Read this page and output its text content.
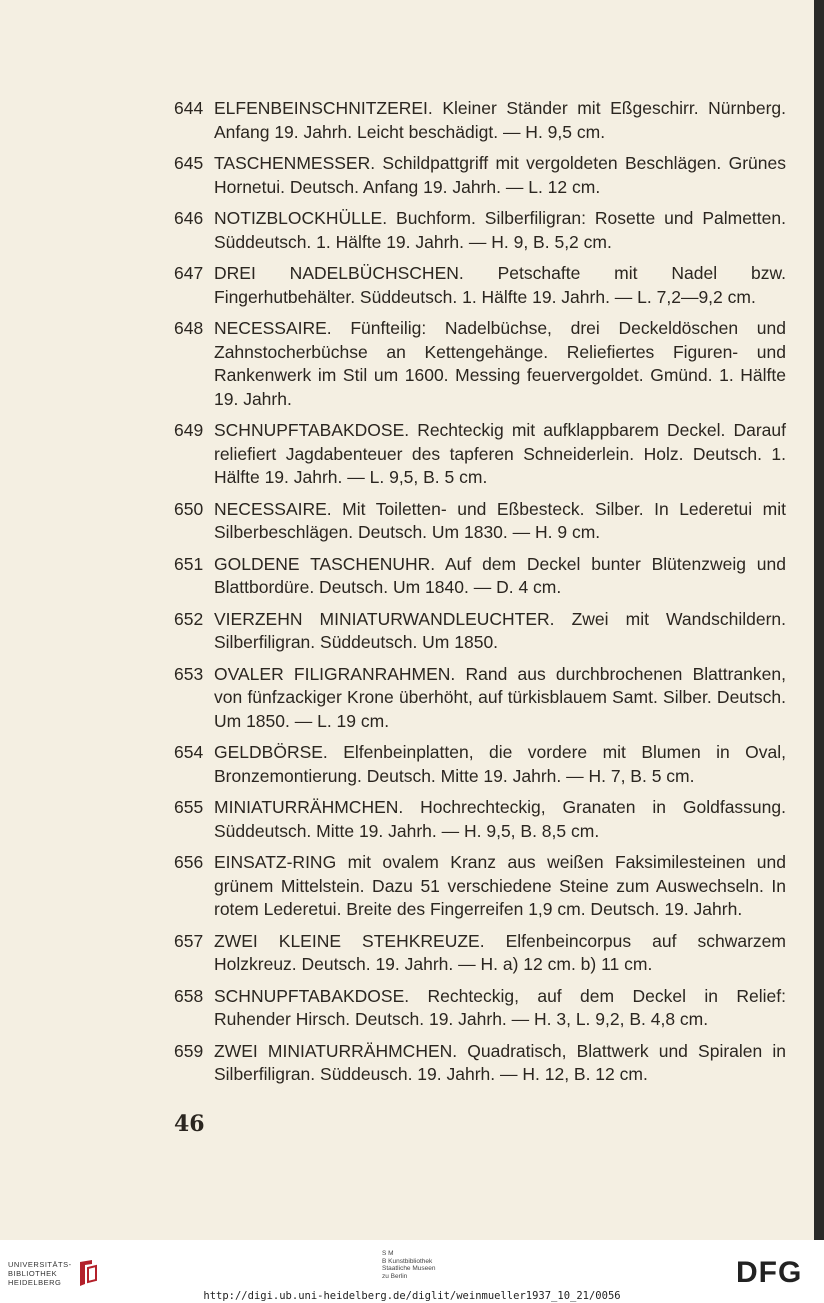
644 ELFENBEINSCHNITZEREI. Kleiner Ständer mit Eßgeschirr. Nürnberg. Anfang 19. Jahrh. Leicht beschädigt. — H. 9,5 cm.
645 TASCHENMESSER. Schildpattgriff mit vergoldeten Beschlägen. Grünes Hornetui. Deutsch. Anfang 19. Jahrh. — L. 12 cm.
646 NOTIZBLOCKHÜLLE. Buchform. Silberfiligran: Rosette und Palmetten. Süddeutsch. 1. Hälfte 19. Jahrh. — H. 9, B. 5,2 cm.
647 DREI NADELBÜCHSCHEN. Petschafte mit Nadel bzw. Fingerhutbehälter. Süddeutsch. 1. Hälfte 19. Jahrh. — L. 7,2—9,2 cm.
648 NECESSAIRE. Fünfteilig: Nadelbüchse, drei Deckeldöschen und Zahnstocherbüchse an Kettengehänge. Reliefiertes Figuren- und Rankenwerk im Stil um 1600. Messing feuervergoldet. Gmünd. 1. Hälfte 19. Jahrh.
649 SCHNUPFTABAKDOSE. Rechteckig mit aufklappbarem Deckel. Darauf reliefiert Jagdabenteuer des tapferen Schneiderlein. Holz. Deutsch. 1. Hälfte 19. Jahrh. — L. 9,5, B. 5 cm.
650 NECESSAIRE. Mit Toiletten- und Eßbesteck. Silber. In Lederetui mit Silberbeschlägen. Deutsch. Um 1830. — H. 9 cm.
651 GOLDENE TASCHENUHR. Auf dem Deckel bunter Blütenzweig und Blattbordüre. Deutsch. Um 1840. — D. 4 cm.
652 VIERZEHN MINIATURWANDLEUCHTER. Zwei mit Wandschildern. Silberfiligran. Süddeutsch. Um 1850.
653 OVALER FILIGRANRAHMEN. Rand aus durchbrochenen Blattranken, von fünfzackiger Krone überhöht, auf türkisblauem Samt. Silber. Deutsch. Um 1850. — L. 19 cm.
654 GELDBÖRSE. Elfenbeinplatten, die vordere mit Blumen in Oval, Bronzemontierung. Deutsch. Mitte 19. Jahrh. — H. 7, B. 5 cm.
655 MINIATURRÄHMCHEN. Hochrechteckig, Granaten in Goldfassung. Süddeutsch. Mitte 19. Jahrh. — H. 9,5, B. 8,5 cm.
656 EINSATZ-RING mit ovalem Kranz aus weißen Faksimilesteinen und grünem Mittelstein. Dazu 51 verschiedene Steine zum Auswechseln. In rotem Lederetui. Breite des Fingerreifen 1,9 cm. Deutsch. 19. Jahrh.
657 ZWEI KLEINE STEHKREUZE. Elfenbeincorpus auf schwarzem Holzkreuz. Deutsch. 19. Jahrh. — H. a) 12 cm. b) 11 cm.
658 SCHNUPFTABAKDOSE. Rechteckig, auf dem Deckel in Relief: Ruhender Hirsch. Deutsch. 19. Jahrh. — H. 3, L. 9,2, B. 4,8 cm.
659 ZWEI MINIATURRÄHMCHEN. Quadratisch, Blattwerk und Spiralen in Silberfiligran. Süddeusch. 19. Jahrh. — H. 12, B. 12 cm.
46
UNIVERSITÄTS-
BIBLIOTHEK
HEIDELBERG
S M
B Kunstbibliothek
Staatliche Museen
zu Berlin	DFG
http://digi.ub.uni-heidelberg.de/diglit/weinmueller1937_10_21/0056
